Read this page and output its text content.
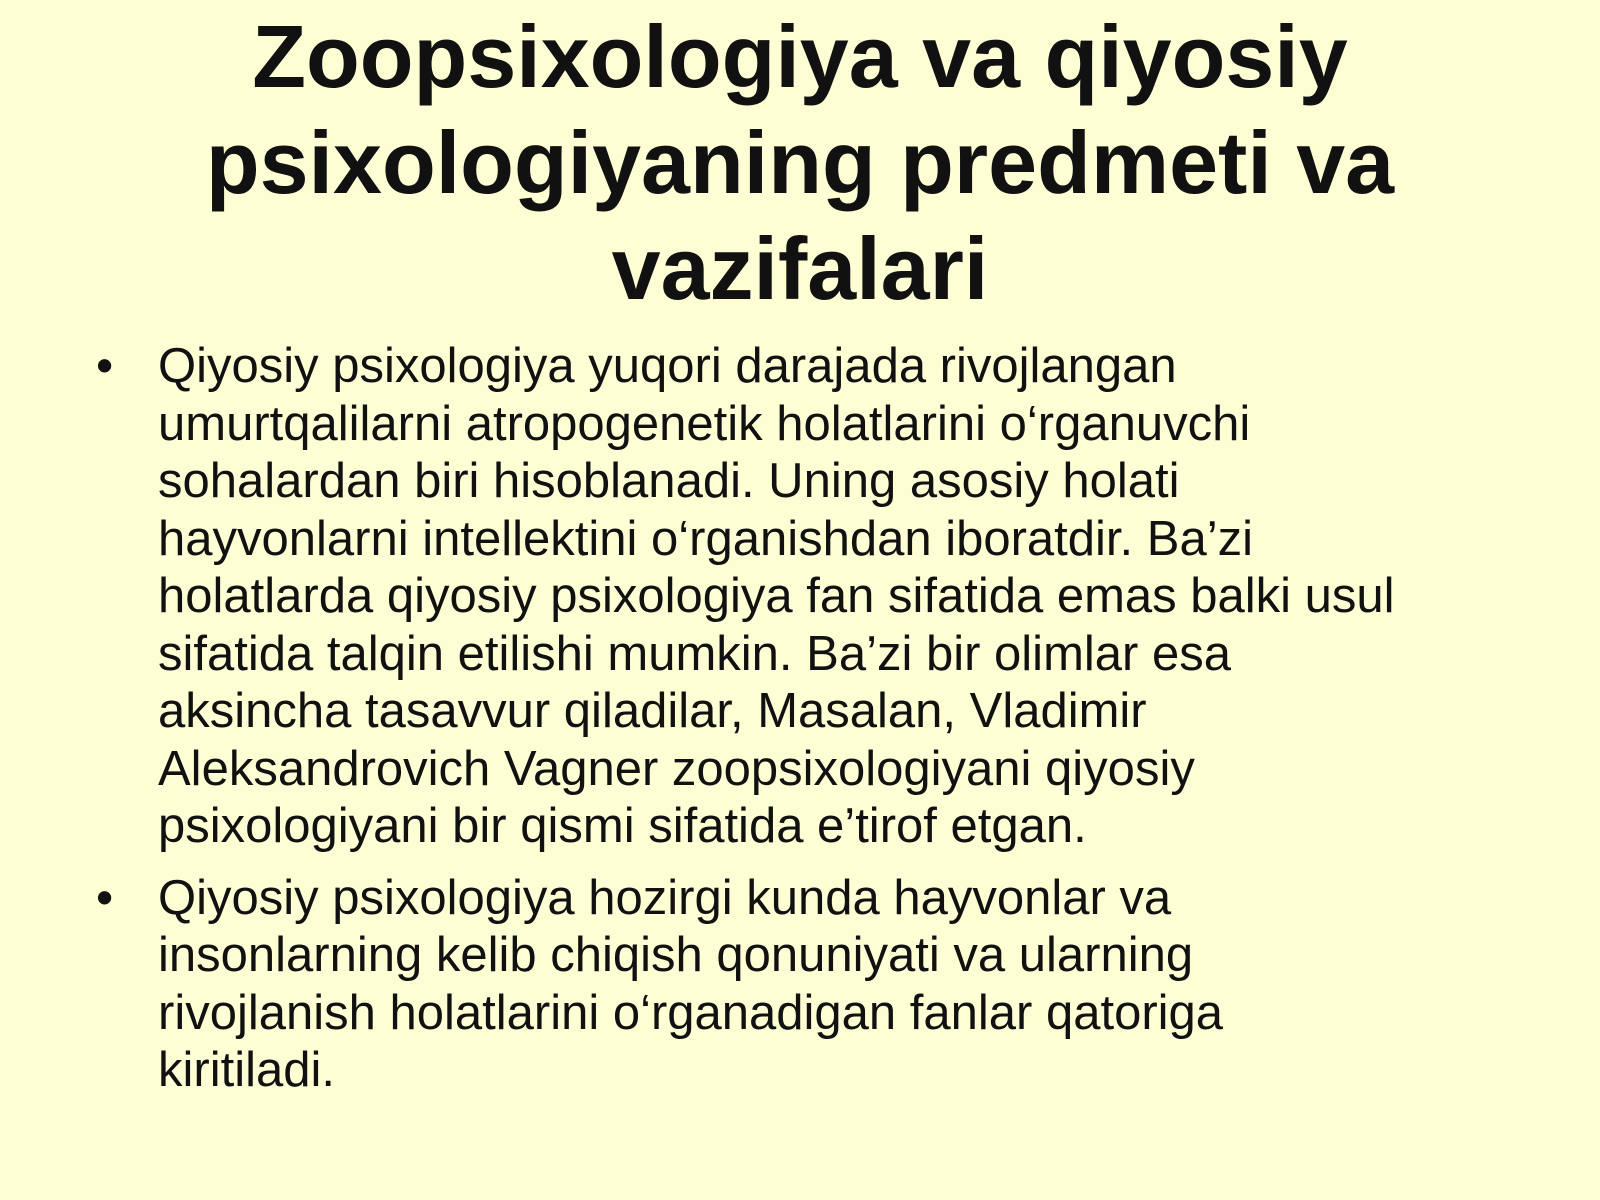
Zoopsixologiya va qiyosiy
psixologiyaning predmeti va
vazifalari
• Qiyosiy psixologiya yuqori darajada rivojlangan
umurtqalilarni atropogenetik holatlarini o‘rganuvchi
sohalardan biri hisoblanadi. Uning asosiy holati
hayvonlarni intellektini o‘rganishdan iboratdir. Ba’zi
holatlarda qiyosiy psixologiya fan sifatida emas balki usul
sifatida talqin etilishi mumkin. Ba’zi bir olimlar esa
aksincha tasavvur qiladilar, Masalan, Vladimir
Aleksandrovich Vagner zoopsixologiyani qiyosiy
psixologiyani bir qismi sifatida e’tirof etgan.
• Qiyosiy psixologiya hozirgi kunda hayvonlar va
insonlarning kelib chiqish qonuniyati va ularning
rivojlanish holatlarini o‘rganadigan fanlar qatoriga
kiritiladi.
